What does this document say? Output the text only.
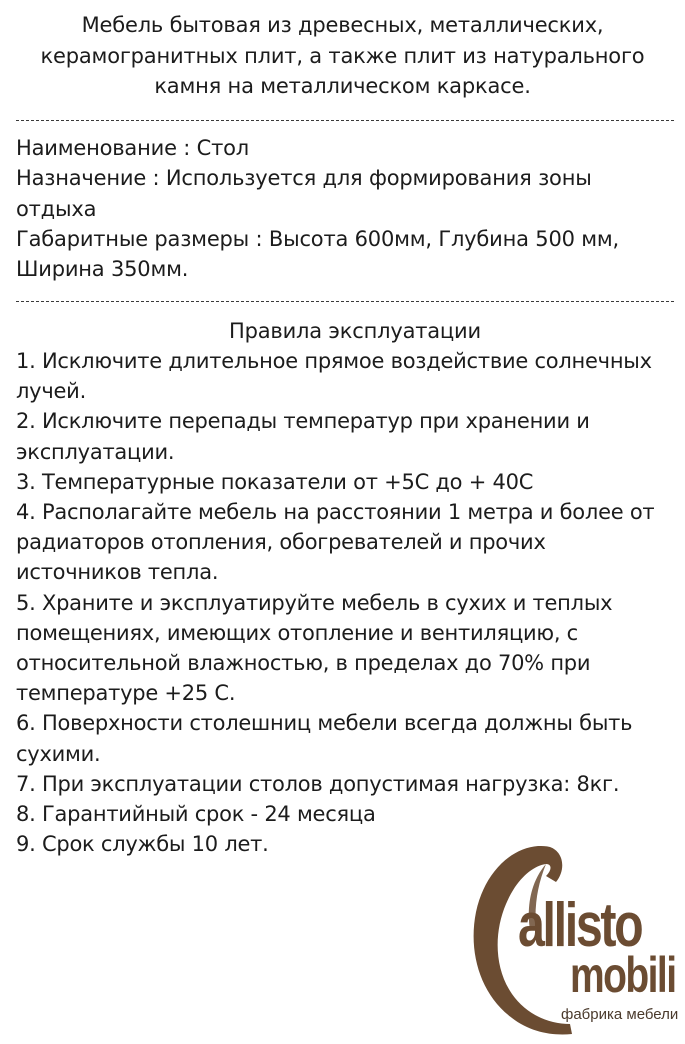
Мебель бытовая из древесных, металлических,
керамогранитных плит, а также плит из натурального
камня на металлическом каркасе.
Наименование : Стол
Назначение : Используется для формирования зоны
отдыха
Габаритные размеры : Высота 600мм, Глубина 500 мм,
Ширина 350мм.
Правила эксплуатации
1. Исключите длительное прямое воздействие солнечных
лучей.
2. Исключите перепады температур при хранении и
эксплуатации.
3. Температурные показатели от +5С до + 40С
4. Располагайте мебель на расстоянии 1 метра и более от
радиаторов отопления, обогревателей и прочих
источников тепла.
5. Храните и эксплуатируйте мебель в сухих и теплых
помещениях, имеющих отопление и вентиляцию, с
относительной влажностью, в пределах до 70% при
температуре +25 С.
6. Поверхности столешниц мебели всегда должны быть
сухими.
7. При эксплуатации столов допустимая нагрузка: 8кг.
8. Гарантийный срок - 24 месяца
9. Срок службы 10 лет.
allisto
mobili
фабрика мебели
